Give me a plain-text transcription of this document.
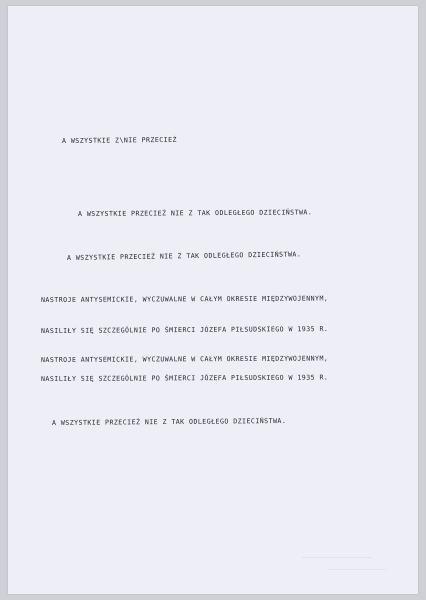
A WSZYSTKIE Z\NIE PRZECIEŻ
A WSZYSTKIE PRZECIEŻ NIE Z TAK ODLEGŁEGO DZIECIŃSTWA.
A WSZYSTKIE PRZECIEŻ NIE Z TAK ODLEGŁEGO DZIECIŃSTWA.
NASTROJE ANTYSEMICKIE, WYCZUWALNE W CAŁYM OKRESIE MIĘDZYWOJENNYM,
NASILIŁY SIĘ SZCZEGÓLNIE PO ŚMIERCI JÓZEFA PIŁSUDSKIEGO W 1935 R.
NASTROJE ANTYSEMICKIE, WYCZUWALNE W CAŁYM OKRESIE MIĘDZYWOJENNYM,
NASILIŁY SIĘ SZCZEGÓLNIE PO ŚMIERCI JÓZEFA PIŁSUDSKIEGO W 1935 R.
A WSZYSTKIE PRZECIEŻ NIE Z TAK ODLEGŁEGO DZIECIŃSTWA.
